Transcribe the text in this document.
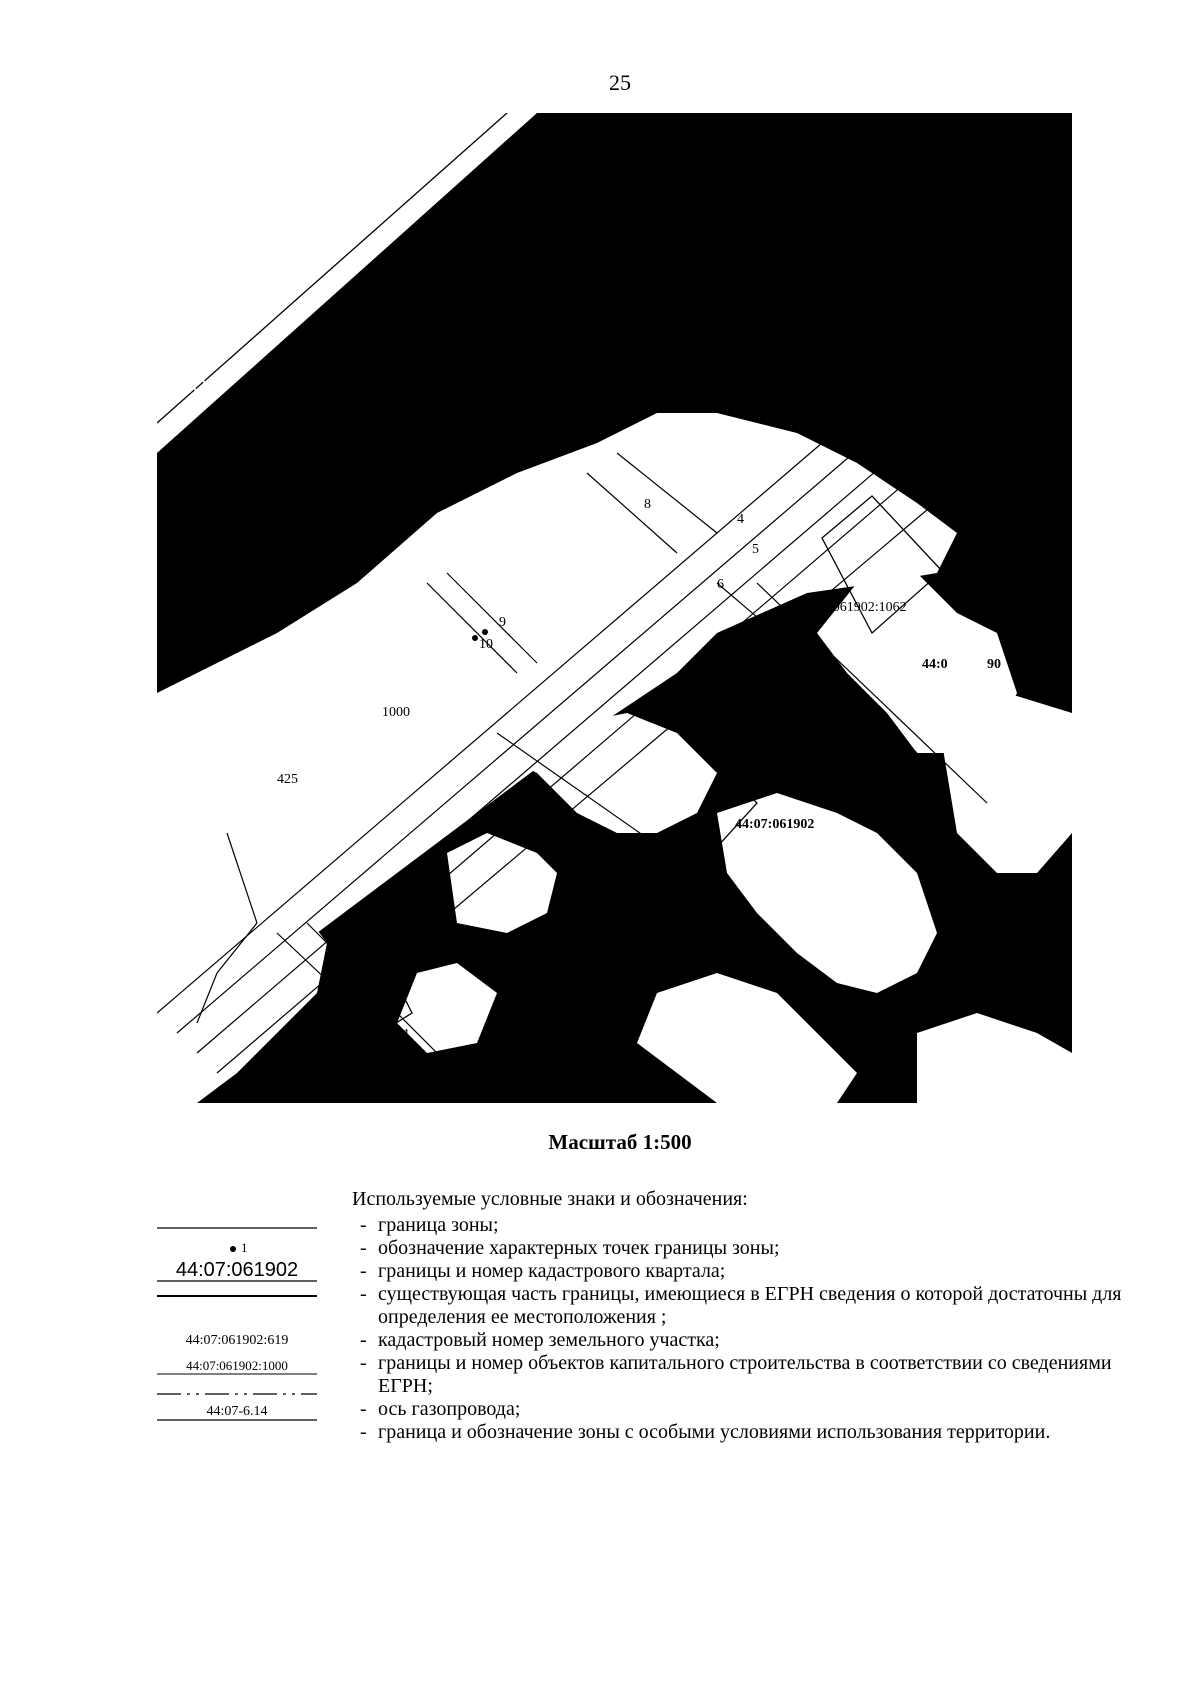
25
ЮГ
4
5
6
8
9
10
2
44:07:061902:1062
44:0	90
44:07:061902
1000
425
44:07:06
44:07-6.271
Масштаб 1:500
Используемые условные знаки и обозначения:
- граница зоны;
- обозначение характерных точек границы зоны;
- границы и номер кадастрового квартала;
- существующая часть границы, имеющиеся в ЕГРН сведения о которой достаточны для определения ее местоположения ;
- кадастровый номер земельного участка;
- границы и номер объектов капитального строительства в соответствии со сведениями ЕГРН;
- ось газопровода;
- граница и обозначение зоны с особыми условиями использования территории.
1
44:07:061902
44:07:061902:619
44:07:061902:1000
44:07-6.14
